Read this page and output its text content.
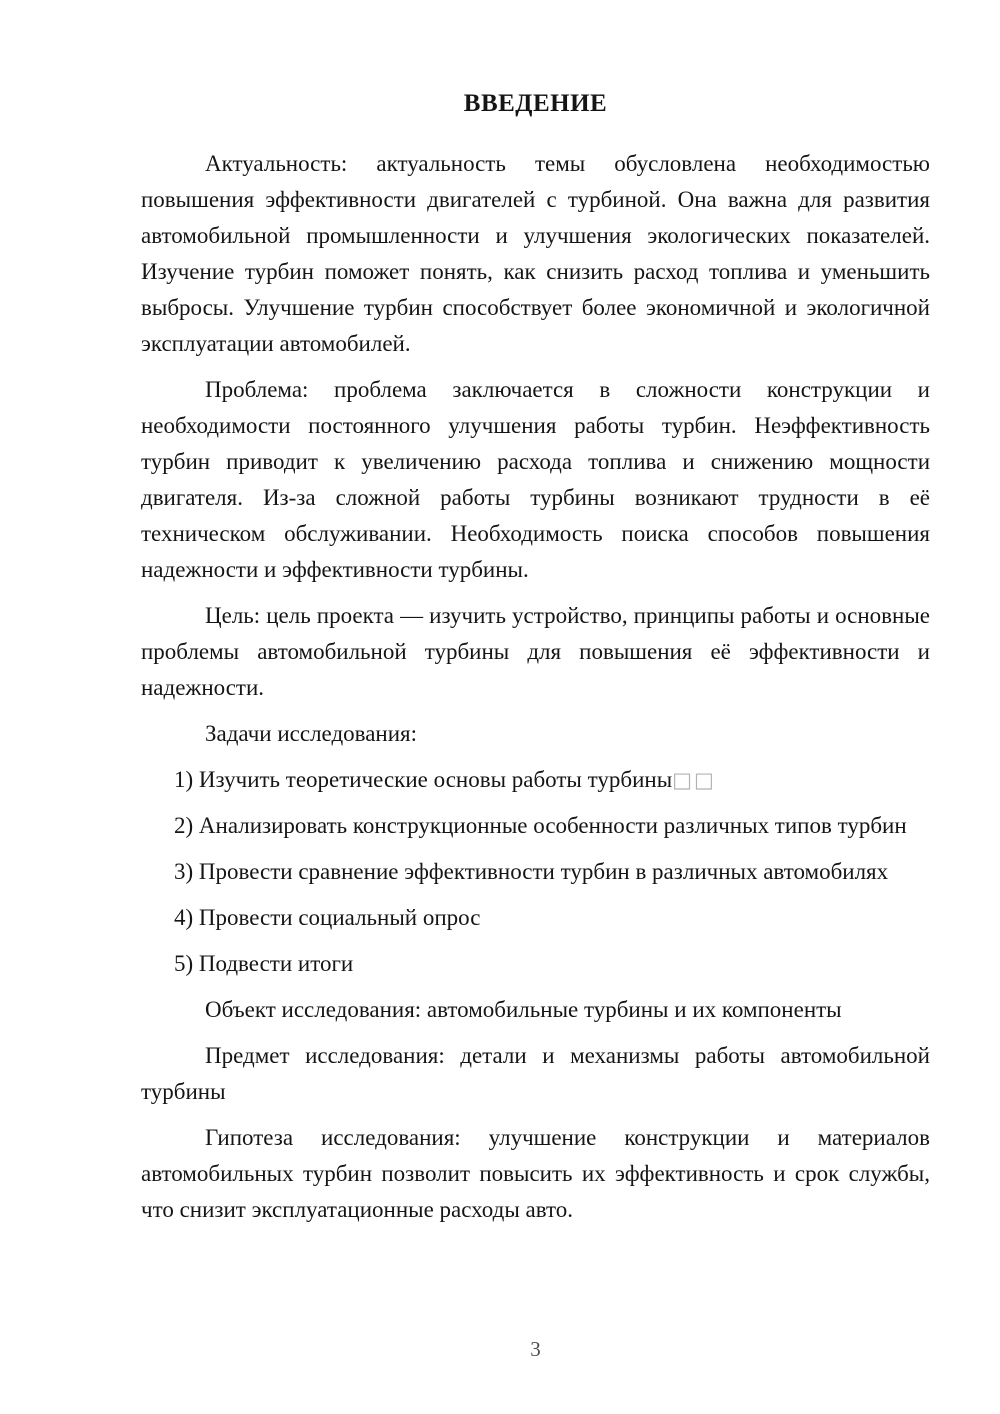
ВВЕДЕНИЕ

Актуальность: актуальность темы обусловлена необходимостью повышения эффективности двигателей с турбиной. Она важна для развития автомобильной промышленности и улучшения экологических показателей. Изучение турбин поможет понять, как снизить расход топлива и уменьшить выбросы. Улучшение турбин способствует более экономичной и экологичной эксплуатации автомобилей.

Проблема: проблема заключается в сложности конструкции и необходимости постоянного улучшения работы турбин. Неэффективность турбин приводит к увеличению расхода топлива и снижению мощности двигателя. Из-за сложной работы турбины возникают трудности в её техническом обслуживании. Необходимость поиска способов повышения надежности и эффективности турбины.

Цель: цель проекта — изучить устройство, принципы работы и основные проблемы автомобильной турбины для повышения её эффективности и надежности.

Задачи исследования:

1) Изучить теоретические основы работы турбины□□

2) Анализировать конструкционные особенности различных типов турбин

3) Провести сравнение эффективности турбин в различных автомобилях

4) Провести социальный опрос

5) Подвести итоги

Объект исследования: автомобильные турбины и их компоненты

Предмет исследования: детали и механизмы работы автомобильной турбины

Гипотеза исследования: улучшение конструкции и материалов автомобильных турбин позволит повысить их эффективность и срок службы, что снизит эксплуатационные расходы авто.

3
